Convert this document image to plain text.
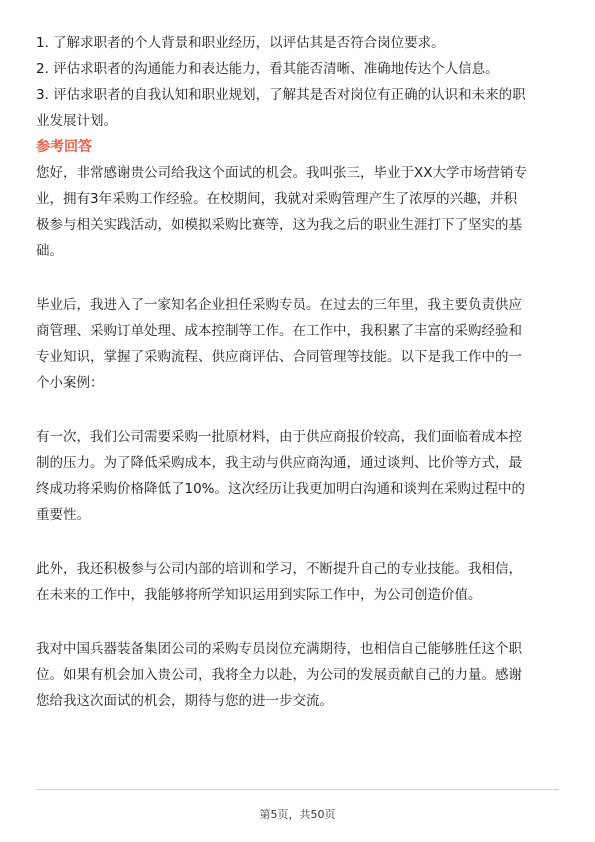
1. 了解求职者的个人背景和职业经历，以评估其是否符合岗位要求。

2. 评估求职者的沟通能力和表达能力，看其能否清晰、准确地传达个人信息。

3. 评估求职者的自我认知和职业规划，了解其是否对岗位有正确的认识和未来的职

业发展计划。

参考回答

您好，非常感谢贵公司给我这个面试的机会。我叫张三，毕业于XX大学市场营销专

业，拥有3年采购工作经验。在校期间，我就对采购管理产生了浓厚的兴趣，并积

极参与相关实践活动，如模拟采购比赛等，这为我之后的职业生涯打下了坚实的基

础。

毕业后，我进入了一家知名企业担任采购专员。在过去的三年里，我主要负责供应

商管理、采购订单处理、成本控制等工作。在工作中，我积累了丰富的采购经验和

专业知识，掌握了采购流程、供应商评估、合同管理等技能。以下是我工作中的一

个小案例：

有一次，我们公司需要采购一批原材料，由于供应商报价较高，我们面临着成本控

制的压力。为了降低采购成本，我主动与供应商沟通，通过谈判、比价等方式，最

终成功将采购价格降低了10%。这次经历让我更加明白沟通和谈判在采购过程中的

重要性。

此外，我还积极参与公司内部的培训和学习，不断提升自己的专业技能。我相信，

在未来的工作中，我能够将所学知识运用到实际工作中，为公司创造价值。

我对中国兵器装备集团公司的采购专员岗位充满期待，也相信自己能够胜任这个职

位。如果有机会加入贵公司，我将全力以赴，为公司的发展贡献自己的力量。感谢

您给我这次面试的机会，期待与您的进一步交流。

第5页，共50页
